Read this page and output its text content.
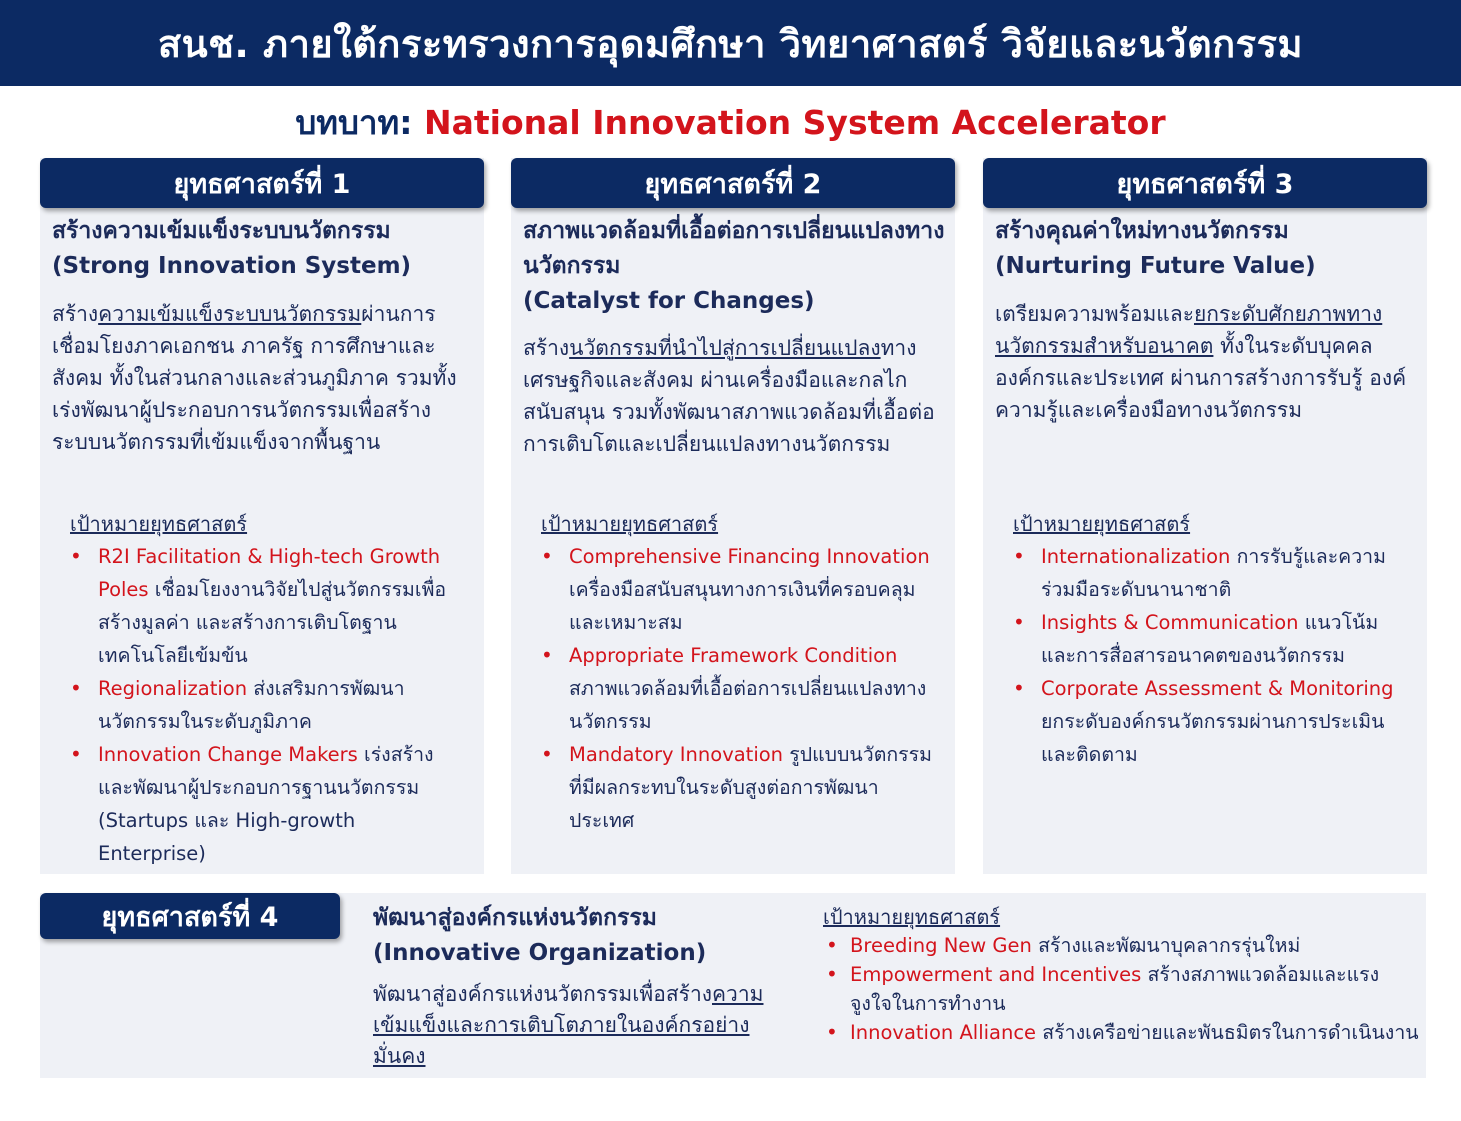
สนช. ภายใต้กระทรวงการอุดมศึกษา วิทยาศาสตร์ วิจัยและนวัตกรรม
บทบาท: National Innovation System Accelerator
ยุทธศาสตร์ที่ 1
สร้างความเข้มแข็งระบบนวัตกรรม
(Strong Innovation System)
สร้างความเข้มแข็งระบบนวัตกรรมผ่านการเชื่อมโยงภาคเอกชน ภาครัฐ การศึกษาและสังคม ทั้งในส่วนกลางและส่วนภูมิภาค รวมทั้งเร่งพัฒนาผู้ประกอบการนวัตกรรมเพื่อสร้างระบบนวัตกรรมที่เข้มแข็งจากพื้นฐาน
เป้าหมายยุทธศาสตร์
• R2I Facilitation & High-tech Growth Poles เชื่อมโยงงานวิจัยไปสู่นวัตกรรมเพื่อสร้างมูลค่า และสร้างการเติบโตฐานเทคโนโลยีเข้มข้น
• Regionalization ส่งเสริมการพัฒนานวัตกรรมในระดับภูมิภาค
• Innovation Change Makers เร่งสร้างและพัฒนาผู้ประกอบการฐานนวัตกรรม (Startups และ High-growth Enterprise)
ยุทธศาสตร์ที่ 2
สภาพแวดล้อมที่เอื้อต่อการเปลี่ยนแปลงทางนวัตกรรม
(Catalyst for Changes)
สร้างนวัตกรรมที่นำไปสู่การเปลี่ยนแปลงทางเศรษฐกิจและสังคม ผ่านเครื่องมือและกลไกสนับสนุน รวมทั้งพัฒนาสภาพแวดล้อมที่เอื้อต่อการเติบโตและเปลี่ยนแปลงทางนวัตกรรม
เป้าหมายยุทธศาสตร์
• Comprehensive Financing Innovation เครื่องมือสนับสนุนทางการเงินที่ครอบคลุมและเหมาะสม
• Appropriate Framework Condition สภาพแวดล้อมที่เอื้อต่อการเปลี่ยนแปลงทางนวัตกรรม
• Mandatory Innovation รูปแบบนวัตกรรมที่มีผลกระทบในระดับสูงต่อการพัฒนาประเทศ
ยุทธศาสตร์ที่ 3
สร้างคุณค่าใหม่ทางนวัตกรรม
(Nurturing Future Value)
เตรียมความพร้อมและยกระดับศักยภาพทางนวัตกรรมสำหรับอนาคต ทั้งในระดับบุคคล องค์กรและประเทศ ผ่านการสร้างการรับรู้ องค์ความรู้และเครื่องมือทางนวัตกรรม
เป้าหมายยุทธศาสตร์
• Internationalization การรับรู้และความร่วมมือระดับนานาชาติ
• Insights & Communication แนวโน้มและการสื่อสารอนาคตของนวัตกรรม
• Corporate Assessment & Monitoring ยกระดับองค์กรนวัตกรรมผ่านการประเมินและติดตาม
ยุทธศาสตร์ที่ 4	พัฒนาสู่องค์กรแห่งนวัตกรรม
(Innovative Organization)
พัฒนาสู่องค์กรแห่งนวัตกรรมเพื่อสร้างความเข้มแข็งและการเติบโตภายในองค์กรอย่างมั่นคง
เป้าหมายยุทธศาสตร์
• Breeding New Gen สร้างและพัฒนาบุคลากรรุ่นใหม่
• Empowerment and Incentives สร้างสภาพแวดล้อมและแรงจูงใจในการทำงาน
• Innovation Alliance สร้างเครือข่ายและพันธมิตรในการดำเนินงาน
